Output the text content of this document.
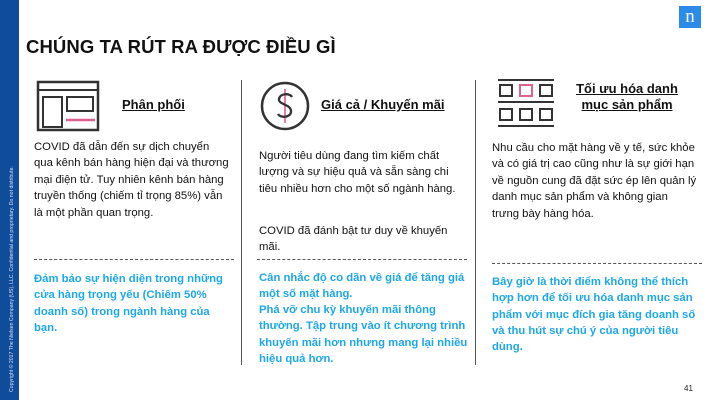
Copyright © 2017 The Nielsen Company (US), LLC. Confidential and proprietary. Do not distribute.
n
CHÚNG TA RÚT RA ĐƯỢC ĐIỀU GÌ
Phân phối	Giá cả / Khuyến mãi
Tối ưu hóa danh mục sản phẩm
COVID đã dẫn đến sự dịch chuyển qua kênh bán hàng hiện đại và thương mại điện tử. Tuy nhiên kênh bán hàng truyền thống (chiếm tỉ trọng 85%) vẫn là một phần quan trọng.
Người tiêu dùng đang tìm kiếm chất lượng và sự hiệu quả và sẵn sàng chi tiêu nhiều hơn cho một số ngành hàng.
COVID đã đánh bật tư duy về khuyến mãi.
Nhu cầu cho mặt hàng về y tế, sức khỏe và có giá trị cao cũng như là sự giới hạn về nguồn cung đã đặt sức ép lên quản lý danh mục sản phẩm và không gian trưng bày hàng hóa.
Đảm bảo sự hiện diện trong những cửa hàng trọng yếu (Chiếm 50% doanh số) trong ngành hàng của bạn.
Cân nhắc độ co dãn về giá để tăng giá một số mặt hàng.
Phá vỡ chu kỳ khuyến mãi thông thường. Tập trung vào ít chương trình khuyến mãi hơn nhưng mang lại nhiều hiệu quả hơn.
Bây giờ là thời điểm không thể thích hợp hơn để tối ưu hóa danh mục sản phẩm với mục đích gia tăng doanh số và thu hút sự chú ý của người tiêu dùng.
41
